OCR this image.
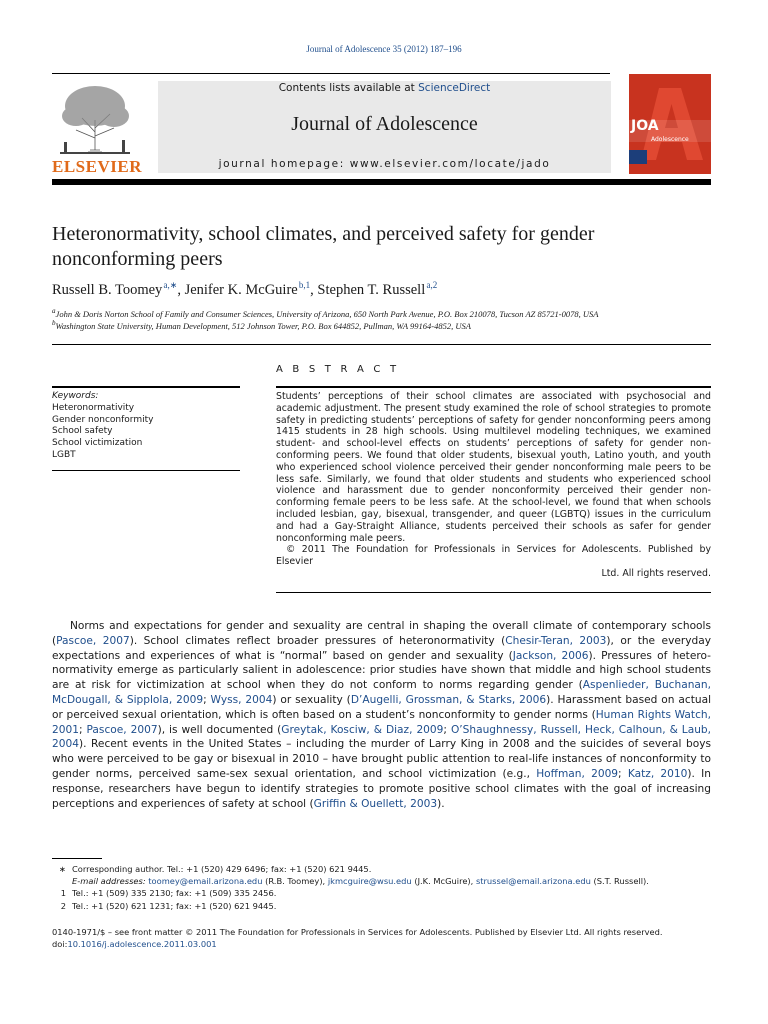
Journal of Adolescence 35 (2012) 187–196
ELSEVIER
Contents lists available at ScienceDirect
Journal of Adolescence
journal homepage: www.elsevier.com/locate/jado
JOA
Adolescence
Heteronormativity, school climates, and perceived safety for gender nonconforming peers
Russell B. Toomey $^{a,∗}$, Jenifer K. McGuire $^{b,1}$, Stephen T. Russell $^{a,2}$
$^a$John & Doris Norton School of Family and Consumer Sciences, University of Arizona, 650 North Park Avenue, P.O. Box 210078, Tucson AZ 85721-0078, USA
$^b$Washington State University, Human Development, 512 Johnson Tower, P.O. Box 644852, Pullman, WA 99164-4852, USA
A B S T R A C T
Keywords:
Heteronormativity
Gender nonconformity
School safety
School victimization
LGBT
Students’ perceptions of their school climates are associated with psychosocial and academic adjustment. The present study examined the role of school strategies to promote safety in predicting students’ perceptions of safety for gender nonconforming peers among 1415 students in 28 high schools. Using multilevel modeling techniques, we examined student- and school-level effects on students’ perceptions of safety for gender non-conforming peers. We found that older students, bisexual youth, Latino youth, and youth who experienced school violence perceived their gender nonconforming male peers to be less safe. Similarly, we found that older students and students who experienced school violence and harassment due to gender nonconformity perceived their gender non-conforming female peers to be less safe. At the school-level, we found that when schools included lesbian, gay, bisexual, transgender, and queer (LGBTQ) issues in the curriculum and had a Gay-Straight Alliance, students perceived their schools as safer for gender nonconforming male peers.
© 2011 The Foundation for Professionals in Services for Adolescents. Published by Elsevier
Ltd. All rights reserved.
Norms and expectations for gender and sexuality are central in shaping the overall climate of contemporary schools (Pascoe, 2007). School climates reflect broader pressures of heteronormativity (Chesir-Teran, 2003), or the everyday expectations and experiences of what is “normal” based on gender and sexuality (Jackson, 2006). Pressures of hetero-normativity emerge as particularly salient in adolescence: prior studies have shown that middle and high school students are at risk for victimization at school when they do not conform to norms regarding gender (Aspenlieder, Buchanan, McDougall, & Sipplola, 2009; Wyss, 2004) or sexuality (D’Augelli, Grossman, & Starks, 2006). Harassment based on actual or perceived sexual orientation, which is often based on a student’s nonconformity to gender norms (Human Rights Watch, 2001; Pascoe, 2007), is well documented (Greytak, Kosciw, & Diaz, 2009; O’Shaughnessy, Russell, Heck, Calhoun, & Laub, 2004). Recent events in the United States – including the murder of Larry King in 2008 and the suicides of several boys who were perceived to be gay or bisexual in 2010 – have brought public attention to real-life instances of nonconformity to gender norms, perceived same-sex sexual orientation, and school victimization (e.g., Hoffman, 2009; Katz, 2010). In response, researchers have begun to identify strategies to promote positive school climates with the goal of increasing perceptions and experiences of safety at school (Griffin & Ouellett, 2003).
∗ Corresponding author. Tel.: +1 (520) 429 6496; fax: +1 (520) 621 9445.
E-mail addresses: toomey@email.arizona.edu (R.B. Toomey), jkmcguire@wsu.edu (J.K. McGuire), strussel@email.arizona.edu (S.T. Russell).
1 Tel.: +1 (509) 335 2130; fax: +1 (509) 335 2456.
2 Tel.: +1 (520) 621 1231; fax: +1 (520) 621 9445.
0140-1971/$ – see front matter © 2011 The Foundation for Professionals in Services for Adolescents. Published by Elsevier Ltd. All rights reserved.
doi:10.1016/j.adolescence.2011.03.001
